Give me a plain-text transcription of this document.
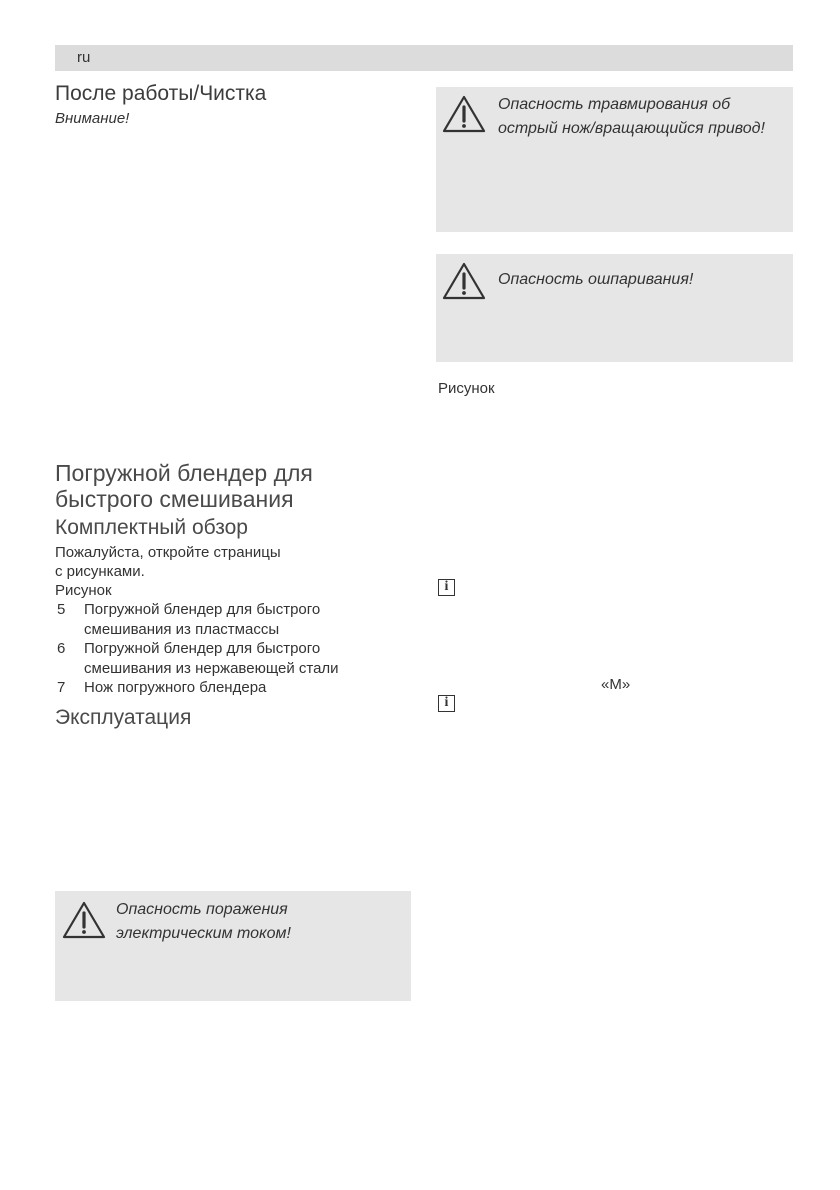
ru
После работы/Чистка
Внимание!
Погружной блендер для
быстрого смешивания
Комплектный обзор
Пожалуйста, откройте страницы
с рисунками.
Рисунок
5 Погружной блендер для быстрого
смешивания из пластмассы
6 Погружной блендер для быстрого
смешивания из нержавеющей стали
7 Нож погружного блендера
Эксплуатация
Опасность поражения
электрическим током!
Опасность травмирования об
острый нож/вращающийся привод!
Опасность ошпаривания!
Рисунок
i
«M»
i
